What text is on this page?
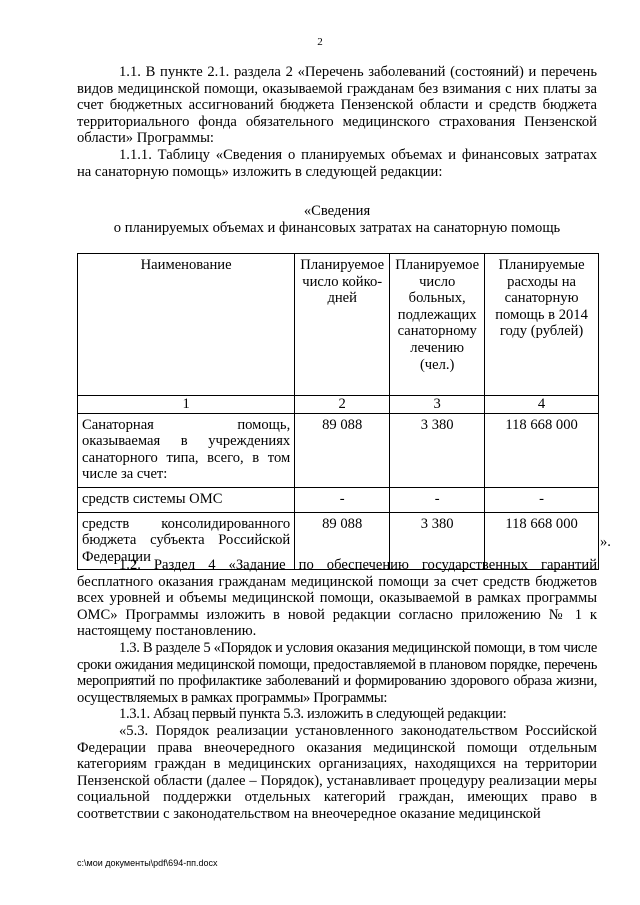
2

1.1. В пункте 2.1. раздела 2 «Перечень заболеваний (состояний) и перечень видов медицинской помощи, оказываемой гражданам без взимания с них платы за счет бюджетных ассигнований бюджета Пензенской области и средств бюджета территориального фонда обязательного медицинского страхования Пензенской области» Программы:

1.1.1. Таблицу «Сведения о планируемых объемах и финансовых затратах на санаторную помощь» изложить в следующей редакции:

«Сведения
о планируемых объемах и финансовых затратах на санаторную помощь
Наименование	Планируемое число койко-дней	Планируемое число больных, подлежащих санаторному лечению (чел.)	Планируемые расходы на санаторную помощь в 2014 году (рублей)
1	2	3	4
Санаторная помощь, оказываемая в учреждениях санаторного типа, всего, в том числе за счет:	89 088	3 380	118 668 000
средств системы ОМС	-	-	-
средств консолидированного бюджета субъекта Российской Федерации	89 088	3 380	118 668 000
».

1.2. Раздел 4 «Задание по обеспечению государственных гарантий бесплатного оказания гражданам медицинской помощи за счет средств бюджетов всех уровней и объемы медицинской помощи, оказываемой в рамках программы ОМС» Программы изложить в новой редакции согласно приложению № 1 к настоящему постановлению.

1.3. В разделе 5 «Порядок и условия оказания медицинской помощи, в том числе сроки ожидания медицинской помощи, предоставляемой в плановом порядке, перечень мероприятий по профилактике заболеваний и формированию здорового образа жизни, осуществляемых в рамках программы» Программы:

1.3.1. Абзац первый пункта 5.3. изложить в следующей редакции:

«5.3. Порядок реализации установленного законодательством Российской Федерации права внеочередного оказания медицинской помощи отдельным категориям граждан в медицинских организациях, находящихся на территории Пензенской области (далее – Порядок), устанавливает процедуру реализации меры социальной поддержки отдельных категорий граждан, имеющих право в соответствии с законодательством на внеочередное оказание медицинской

c:\мои документы\pdf\694-пп.docx
